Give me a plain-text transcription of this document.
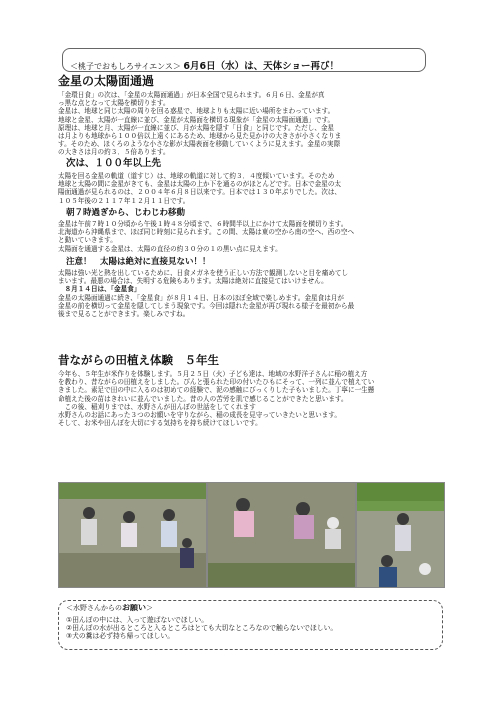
＜桃子でおもしろサイエンス＞ 6月6日（水）は、天体ショー再び！
金星の太陽面通過
「金環日食」の次は、「金星の太陽面通過」が日本全国で見られます。６月６日、金星が真
っ黒な点となって太陽を横切ります。
金星は、地球と同じ太陽の周りを回る惑星で、地球よりも太陽に近い場所をまわっています。
地球と金星、太陽が一直線に並び、金星が太陽面を横切る現象が「金星の太陽面通過」です。
原理は、地球と月、太陽が一直線に並び、月が太陽を隠す「日食」と同じです。ただし、金星
は月よりも地球から１００倍以上遠くにあるため、地球から見た見かけの大きさが小さくなりま
す。そのため、ほくろのような小さな影が太陽表面を移動していくように見えます。金星の実際
の大きさは月の約３．５倍あります。
次は、１００年以上先
太陽を回る金星の軌道（道すじ）は、地球の軌道に対して約３．４度傾いています。そのため
地球と太陽の間に金星がきても、金星は太陽の上か下を通るのがほとんどです。日本で金星の太
陽面通過が見られるのは、２００４年６月８日以来です。日本では１３０年ぶりでした。次は、
１０５年後の２１１７年１２月１１日です。
朝７時過ぎから、じわじわ移動
金星は午前７時１０分頃から午後１時４８分頃まで、６時間半以上にかけて太陽面を横切ります。
北海道から沖縄県まで、ほぼ同じ時刻に見られます。この間、太陽は東の空から南の空へ、西の空へ
と動いていきます。
太陽面を通過する金星は、太陽の直径の約３０分の１の黒い点に見えます。
注意！　太陽は絶対に直接見ない！！
太陽は強い光と熱を出しているために、日食メガネを使う正しい方法で観測しないと目を痛めてし
まいます。最悪の場合は、失明する危険もあります。太陽は絶対に直接見てはいけません。
　８月１４日は、「金星食」
金星の太陽面通過に続き、「金星食」が８月１４日、日本のほぼ全域で楽しめます。金星食は月が
金星の前を横切って金星を隠してしまう現象です。今回は隠れた金星が再び現れる様子を最初から最
後まで見ることができます。楽しみですね。
昔ながらの田植え体験　５年生
今年も、５年生が米作りを体験します。５月２５日（火）子ども達は、地域の水野洋子さんに稲の植え方
を教わり、昔ながらの田植えをしました。ぴんと張られた印の付いたひもにそって、一列に並んで植えてい
きました。素足で田の中に入るのは初めての経験で、泥の感触にびっくりした子もいました。丁寧に一生懸
命植えた後の苗はきれいに並んでいました。昔の人の苦労を肌で感じることができたと思います。
　この後、稲刈りまでは、水野さんが田んぼの世話をしてくれます
水野さんのお話にあった３つのお願いを守りながら、稲の成長を見守っていきたいと思います。
そして、お米や田んぼを大切にする気持ちを持ち続けてほしいです。
＜水野さんからのお願い＞
①田んぼの中には、入って遊ばないでほしい。
②田んぼの水が出るところと入るところはとても大切なところなので触らないでほしい。
③犬の糞は必ず持ち帰ってほしい。
